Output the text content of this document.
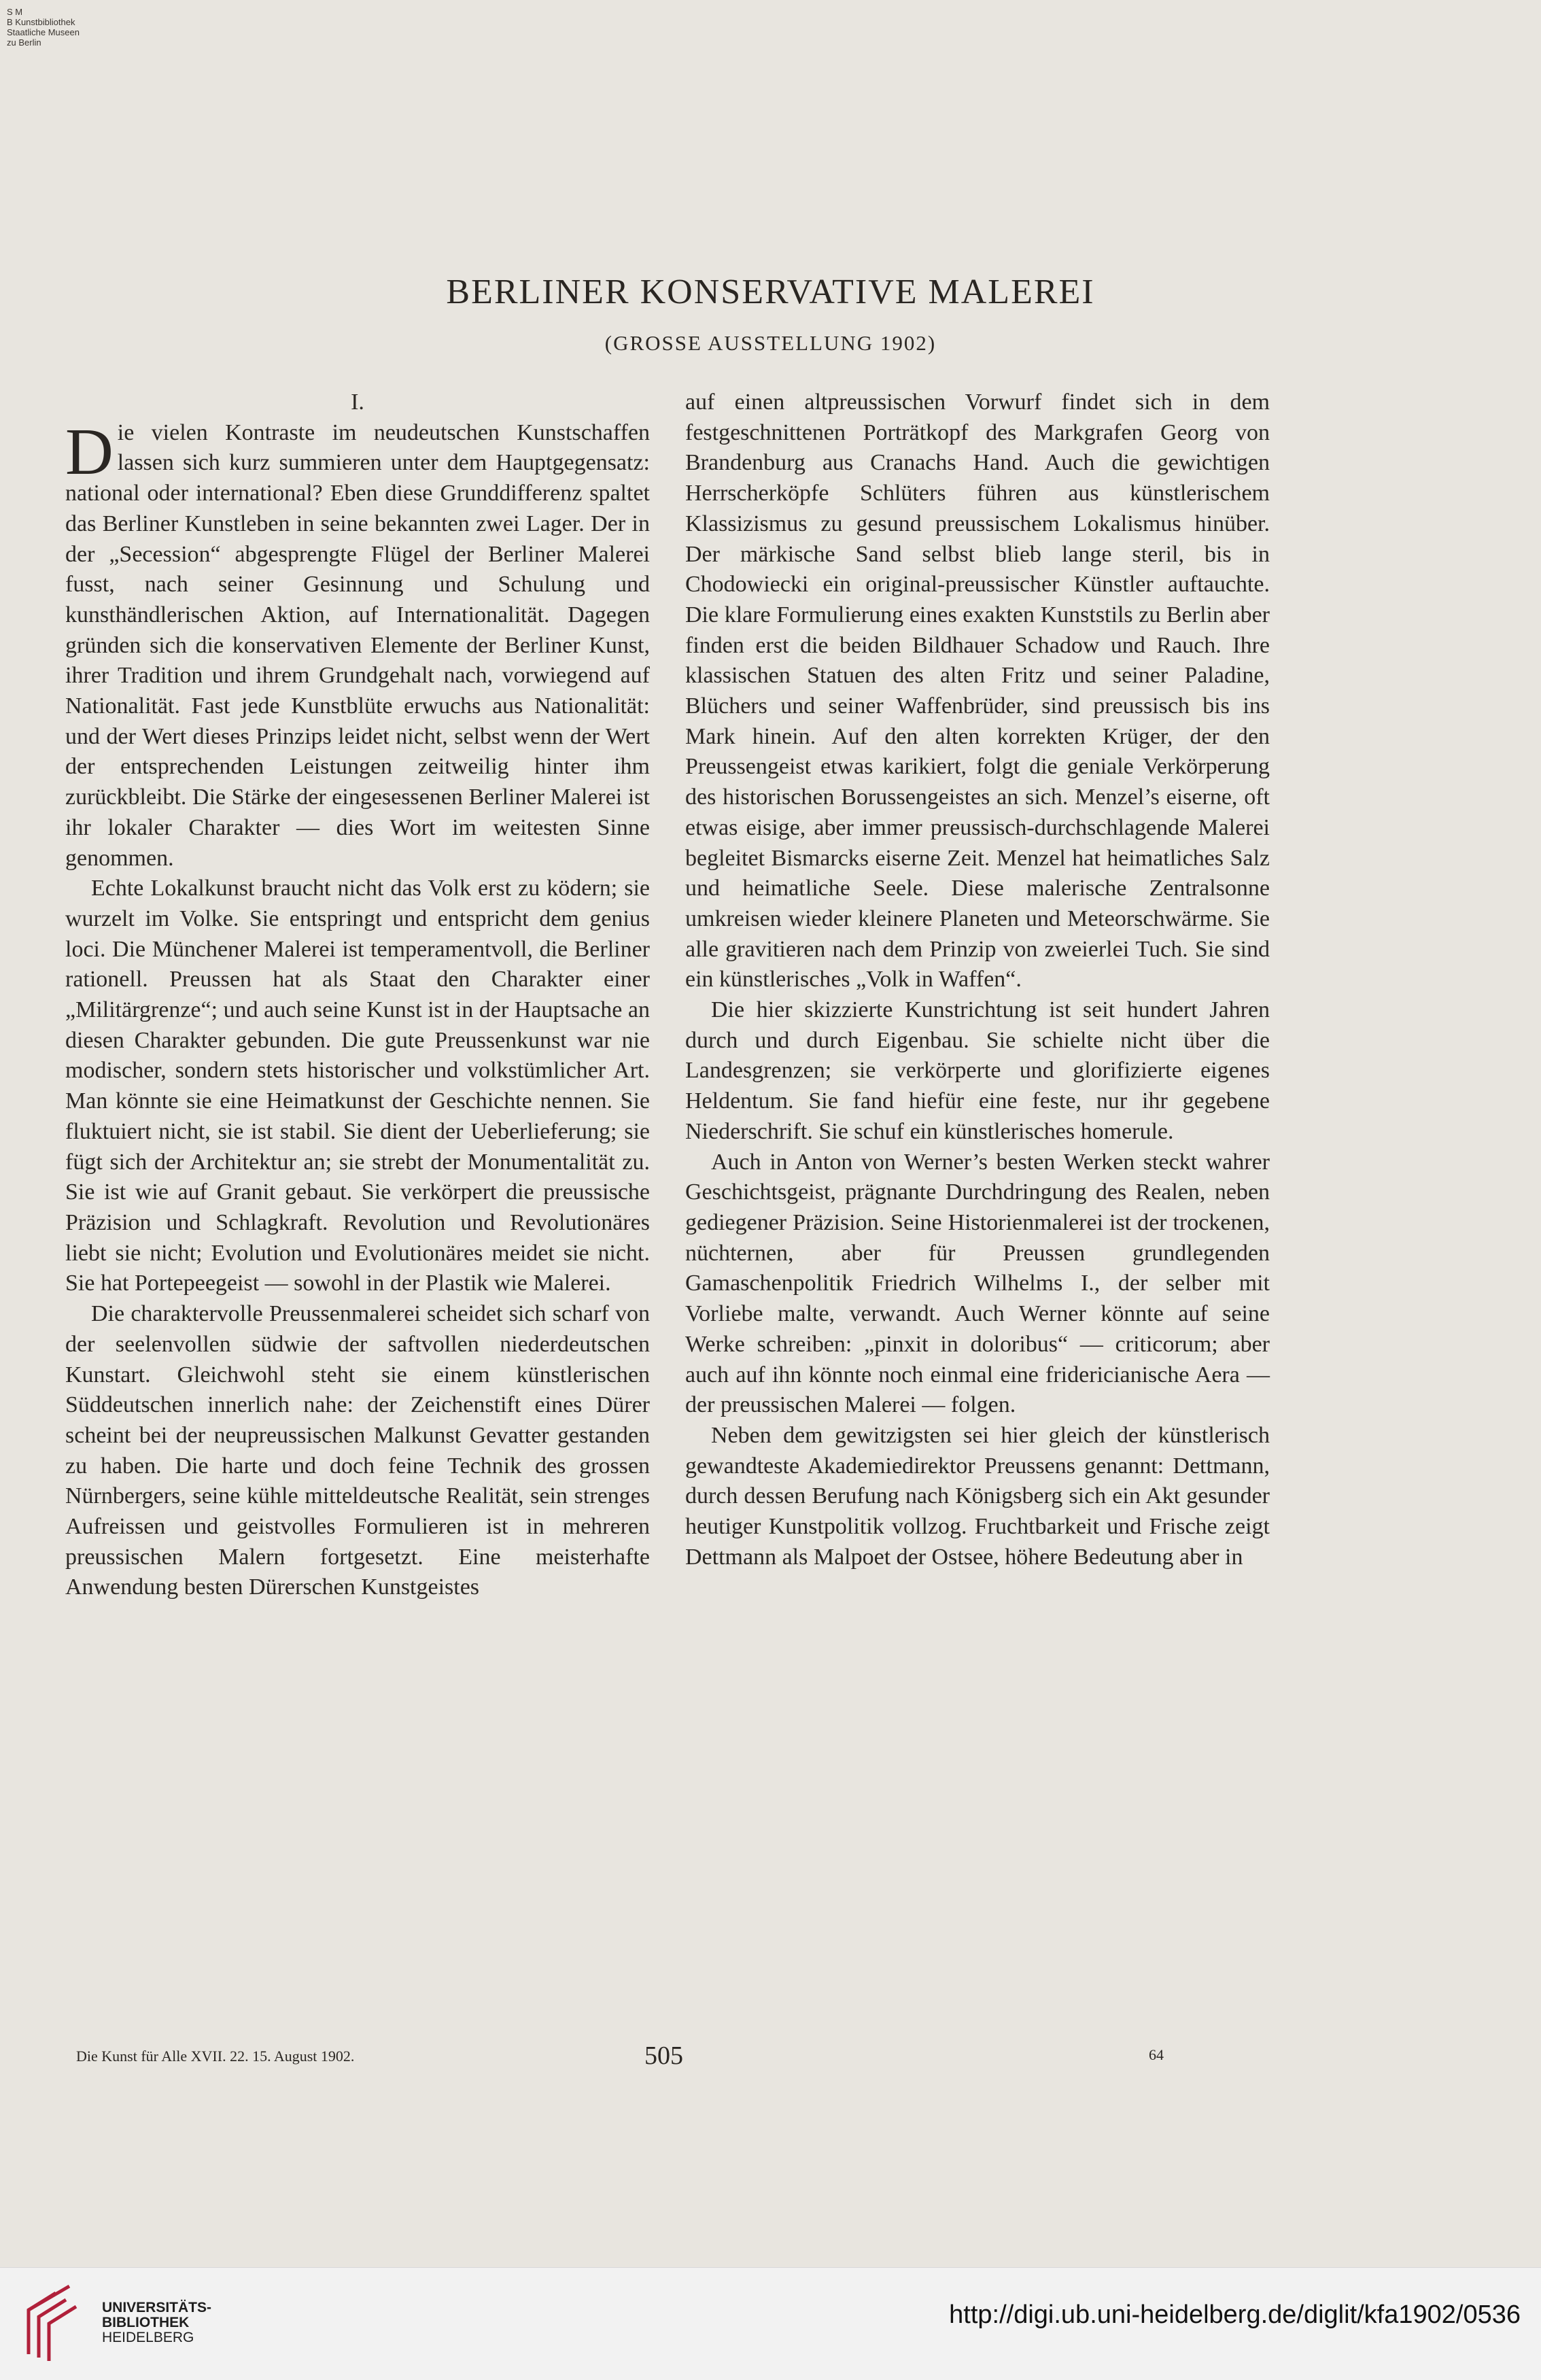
S M
B Kunstbibliothek
Staatliche Museen
zu Berlin
BERLINER KONSERVATIVE MALEREI
(GROSSE AUSSTELLUNG 1902)
I.

Die vielen Kontraste im neudeutschen Kunstschaffen lassen sich kurz summieren unter dem Hauptgegensatz: national oder international? Eben diese Grunddifferenz spaltet das Berliner Kunstleben in seine bekannten zwei Lager. Der in der „Secession“ abgesprengte Flügel der Berliner Malerei fusst, nach seiner Gesinnung und Schulung und kunsthändlerischen Aktion, auf Internationalität. Dagegen gründen sich die konservativen Elemente der Berliner Kunst, ihrer Tradition und ihrem Grundgehalt nach, vorwiegend auf Nationalität. Fast jede Kunstblüte erwuchs aus Nationalität: und der Wert dieses Prinzips leidet nicht, selbst wenn der Wert der entsprechenden Leistungen zeitweilig hinter ihm zurückbleibt. Die Stärke der eingesessenen Berliner Malerei ist ihr lokaler Charakter — dies Wort im weitesten Sinne genommen.

Echte Lokalkunst braucht nicht das Volk erst zu ködern; sie wurzelt im Volke. Sie entspringt und entspricht dem genius loci. Die Münchener Malerei ist temperamentvoll, die Berliner rationell. Preussen hat als Staat den Charakter einer „Militärgrenze“; und auch seine Kunst ist in der Hauptsache an diesen Charakter gebunden. Die gute Preussenkunst war nie modischer, sondern stets historischer und volkstümlicher Art. Man könnte sie eine Heimatkunst der Geschichte nennen. Sie fluktuiert nicht, sie ist stabil. Sie dient der Ueberlieferung; sie fügt sich der Architektur an; sie strebt der Monumentalität zu. Sie ist wie auf Granit gebaut. Sie verkörpert die preussische Präzision und Schlagkraft. Revolution und Revolutionäres liebt sie nicht; Evolution und Evolutionäres meidet sie nicht. Sie hat Portepeegeist — sowohl in der Plastik wie Malerei.

Die charaktervolle Preussenmalerei scheidet sich scharf von der seelenvollen südwie der saftvollen niederdeutschen Kunstart. Gleichwohl steht sie einem künstlerischen Süddeutschen innerlich nahe: der Zeichenstift eines Dürer scheint bei der neupreussischen Malkunst Gevatter gestanden zu haben. Die harte und doch feine Technik des grossen Nürnbergers, seine kühle mitteldeutsche Realität, sein strenges Aufreissen und geistvolles Formulieren ist in mehreren preussischen Malern fortgesetzt. Eine meisterhafte Anwendung besten Dürerschen Kunstgeistes

auf einen altpreussischen Vorwurf findet sich in dem festgeschnittenen Porträtkopf des Markgrafen Georg von Brandenburg aus Cranachs Hand. Auch die gewichtigen Herrscherköpfe Schlüters führen aus künstlerischem Klassizismus zu gesund preussischem Lokalismus hinüber. Der märkische Sand selbst blieb lange steril, bis in Chodowiecki ein original-preussischer Künstler auftauchte. Die klare Formulierung eines exakten Kunststils zu Berlin aber finden erst die beiden Bildhauer Schadow und Rauch. Ihre klassischen Statuen des alten Fritz und seiner Paladine, Blüchers und seiner Waffenbrüder, sind preussisch bis ins Mark hinein. Auf den alten korrekten Krüger, der den Preussengeist etwas karikiert, folgt die geniale Verkörperung des historischen Borussengeistes an sich. Menzel’s eiserne, oft etwas eisige, aber immer preussisch-durchschlagende Malerei begleitet Bismarcks eiserne Zeit. Menzel hat heimatliches Salz und heimatliche Seele. Diese malerische Zentralsonne umkreisen wieder kleinere Planeten und Meteorschwärme. Sie alle gravitieren nach dem Prinzip von zweierlei Tuch. Sie sind ein künstlerisches „Volk in Waffen“.

Die hier skizzierte Kunstrichtung ist seit hundert Jahren durch und durch Eigenbau. Sie schielte nicht über die Landesgrenzen; sie verkörperte und glorifizierte eigenes Heldentum. Sie fand hiefür eine feste, nur ihr gegebene Niederschrift. Sie schuf ein künstlerisches homerule.

Auch in Anton von Werner’s besten Werken steckt wahrer Geschichtsgeist, prägnante Durchdringung des Realen, neben gediegener Präzision. Seine Historienmalerei ist der trockenen, nüchternen, aber für Preussen grundlegenden Gamaschenpolitik Friedrich Wilhelms I., der selber mit Vorliebe malte, verwandt. Auch Werner könnte auf seine Werke schreiben: „pinxit in doloribus“ — criticorum; aber auch auf ihn könnte noch einmal eine fridericianische Aera — der preussischen Malerei — folgen.

Neben dem gewitzigsten sei hier gleich der künstlerisch gewandteste Akademiedirektor Preussens genannt: Dettmann, durch dessen Berufung nach Königsberg sich ein Akt gesunder heutiger Kunstpolitik vollzog. Fruchtbarkeit und Frische zeigt Dettmann als Malpoet der Ostsee, höhere Bedeutung aber in

Die Kunst für Alle XVII. 22. 15. August 1902.	505	64
UNIVERSITÄTS-
BIBLIOTHEK
HEIDELBERG
http://digi.ub.uni-heidelberg.de/diglit/kfa1902/0536
